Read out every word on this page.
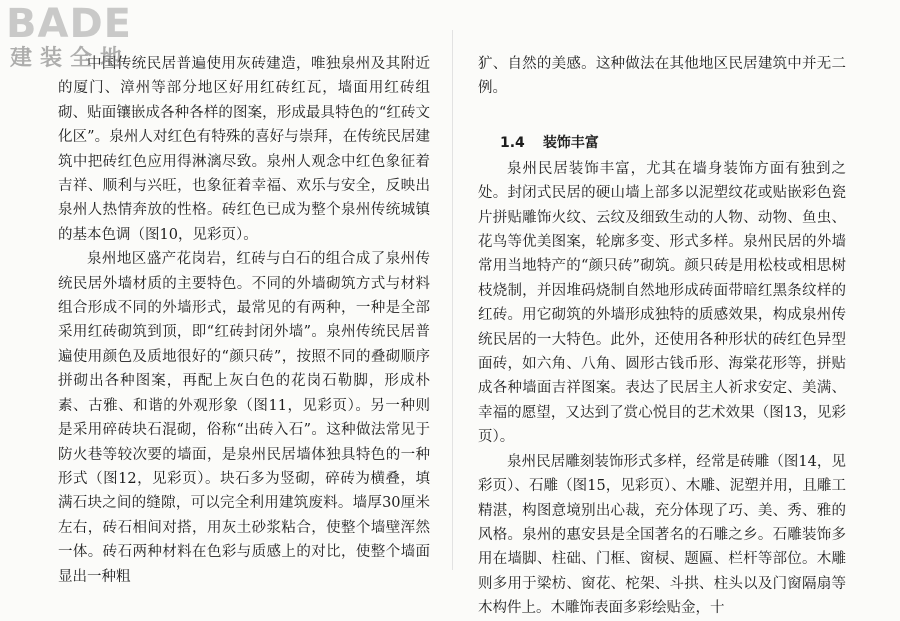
BADE
建装全地

中国传统民居普遍使用灰砖建造，唯独泉州及其附近的厦门、漳州等部分地区好用红砖红瓦，墙面用红砖组砌、贴面镶嵌成各种各样的图案，形成最具特色的“红砖文化区”。泉州人对红色有特殊的喜好与崇拜，在传统民居建筑中把砖红色应用得淋漓尽致。泉州人观念中红色象征着吉祥、顺利与兴旺，也象征着幸福、欢乐与安全，反映出泉州人热情奔放的性格。砖红色已成为整个泉州传统城镇的基本色调（图10，见彩页）。

泉州地区盛产花岗岩，红砖与白石的组合成了泉州传统民居外墙材质的主要特色。不同的外墙砌筑方式与材料组合形成不同的外墙形式，最常见的有两种，一种是全部采用红砖砌筑到顶，即“红砖封闭外墙”。泉州传统民居普遍使用颜色及质地很好的“颜只砖”，按照不同的叠砌顺序拼砌出各种图案，再配上灰白色的花岗石勒脚，形成朴素、古雅、和谐的外观形象（图11，见彩页）。另一种则是采用碎砖块石混砌，俗称“出砖入石”。这种做法常见于防火巷等较次要的墙面，是泉州民居墙体独具特色的一种形式（图12，见彩页）。块石多为竖砌，碎砖为横叠，填满石块之间的缝隙，可以完全利用建筑废料。墙厚30厘米左右，砖石相间对搭，用灰土砂浆粘合，使整个墙壁浑然一体。砖石两种材料在色彩与质感上的对比，使整个墙面显出一种粗

犷、自然的美感。这种做法在其他地区民居建筑中并无二例。

1.4 装饰丰富

泉州民居装饰丰富，尤其在墙身装饰方面有独到之处。封闭式民居的硬山墙上部多以泥塑纹花或贴嵌彩色瓷片拼贴雕饰火纹、云纹及细致生动的人物、动物、鱼虫、花鸟等优美图案，轮廓多变、形式多样。泉州民居的外墙常用当地特产的“颜只砖”砌筑。颜只砖是用松枝或相思树枝烧制，并因堆码烧制自然地形成砖面带暗红黑条纹样的红砖。用它砌筑的外墙形成独特的质感效果，构成泉州传统民居的一大特色。此外，还使用各种形状的砖红色异型面砖，如六角、八角、圆形古钱币形、海棠花形等，拼贴成各种墙面吉祥图案。表达了民居主人祈求安定、美满、幸福的愿望，又达到了赏心悦目的艺术效果（图13，见彩页）。

泉州民居雕刻装饰形式多样，经常是砖雕（图14，见彩页）、石雕（图15，见彩页）、木雕、泥塑并用，且雕工精湛，构图意境别出心裁，充分体现了巧、美、秀、雅的风格。泉州的惠安县是全国著名的石雕之乡。石雕装饰多用在墙脚、柱础、门框、窗棂、题匾、栏杆等部位。木雕则多用于梁枋、窗花、柁架、斗拱、柱头以及门窗隔扇等木构件上。木雕饰表面多彩绘贴金，十
